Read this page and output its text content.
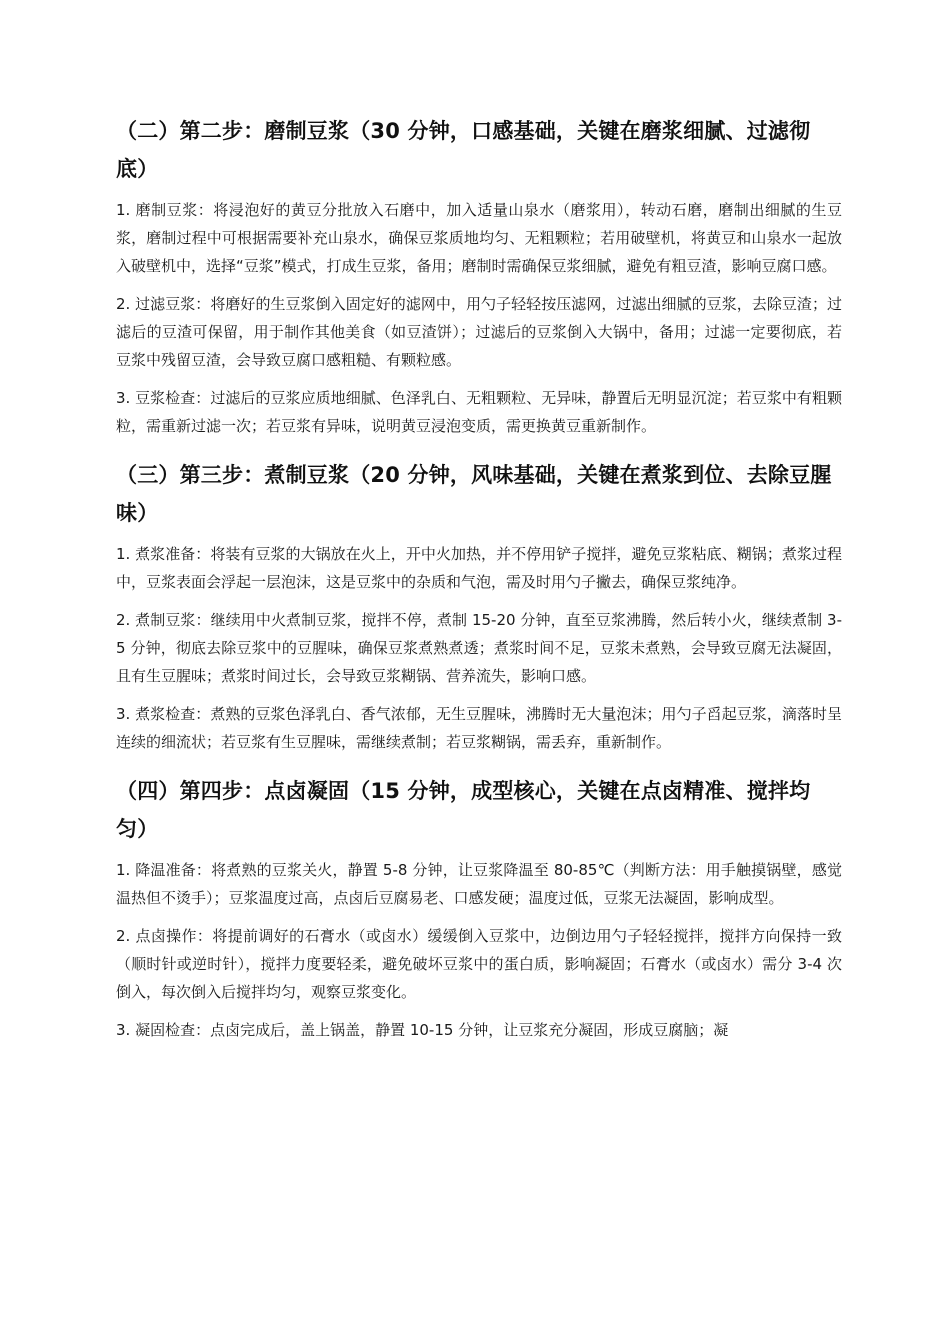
（二）第二步：磨制豆浆（30 分钟，口感基础，关键在磨浆细腻、过滤彻底）

1. 磨制豆浆：将浸泡好的黄豆分批放入石磨中，加入适量山泉水（磨浆用），转动石磨，磨制出细腻的生豆浆，磨制过程中可根据需要补充山泉水，确保豆浆质地均匀、无粗颗粒；若用破壁机，将黄豆和山泉水一起放入破壁机中，选择“豆浆”模式，打成生豆浆，备用；磨制时需确保豆浆细腻，避免有粗豆渣，影响豆腐口感。

2. 过滤豆浆：将磨好的生豆浆倒入固定好的滤网中，用勺子轻轻按压滤网，过滤出细腻的豆浆，去除豆渣；过滤后的豆渣可保留，用于制作其他美食（如豆渣饼）；过滤后的豆浆倒入大锅中，备用；过滤一定要彻底，若豆浆中残留豆渣，会导致豆腐口感粗糙、有颗粒感。

3. 豆浆检查：过滤后的豆浆应质地细腻、色泽乳白、无粗颗粒、无异味，静置后无明显沉淀；若豆浆中有粗颗粒，需重新过滤一次；若豆浆有异味，说明黄豆浸泡变质，需更换黄豆重新制作。

（三）第三步：煮制豆浆（20 分钟，风味基础，关键在煮浆到位、去除豆腥味）

1. 煮浆准备：将装有豆浆的大锅放在火上，开中火加热，并不停用铲子搅拌，避免豆浆粘底、糊锅；煮浆过程中，豆浆表面会浮起一层泡沫，这是豆浆中的杂质和气泡，需及时用勺子撇去，确保豆浆纯净。

2. 煮制豆浆：继续用中火煮制豆浆，搅拌不停，煮制 15-20 分钟，直至豆浆沸腾，然后转小火，继续煮制 3-5 分钟，彻底去除豆浆中的豆腥味，确保豆浆煮熟煮透；煮浆时间不足，豆浆未煮熟，会导致豆腐无法凝固，且有生豆腥味；煮浆时间过长，会导致豆浆糊锅、营养流失，影响口感。

3. 煮浆检查：煮熟的豆浆色泽乳白、香气浓郁，无生豆腥味，沸腾时无大量泡沫；用勺子舀起豆浆，滴落时呈连续的细流状；若豆浆有生豆腥味，需继续煮制；若豆浆糊锅，需丢弃，重新制作。

（四）第四步：点卤凝固（15 分钟，成型核心，关键在点卤精准、搅拌均匀）

1. 降温准备：将煮熟的豆浆关火，静置 5-8 分钟，让豆浆降温至 80-85℃（判断方法：用手触摸锅壁，感觉温热但不烫手）；豆浆温度过高，点卤后豆腐易老、口感发硬；温度过低，豆浆无法凝固，影响成型。

2. 点卤操作：将提前调好的石膏水（或卤水）缓缓倒入豆浆中，边倒边用勺子轻轻搅拌，搅拌方向保持一致（顺时针或逆时针），搅拌力度要轻柔，避免破坏豆浆中的蛋白质，影响凝固；石膏水（或卤水）需分 3-4 次倒入，每次倒入后搅拌均匀，观察豆浆变化。

3. 凝固检查：点卤完成后，盖上锅盖，静置 10-15 分钟，让豆浆充分凝固，形成豆腐脑；凝
